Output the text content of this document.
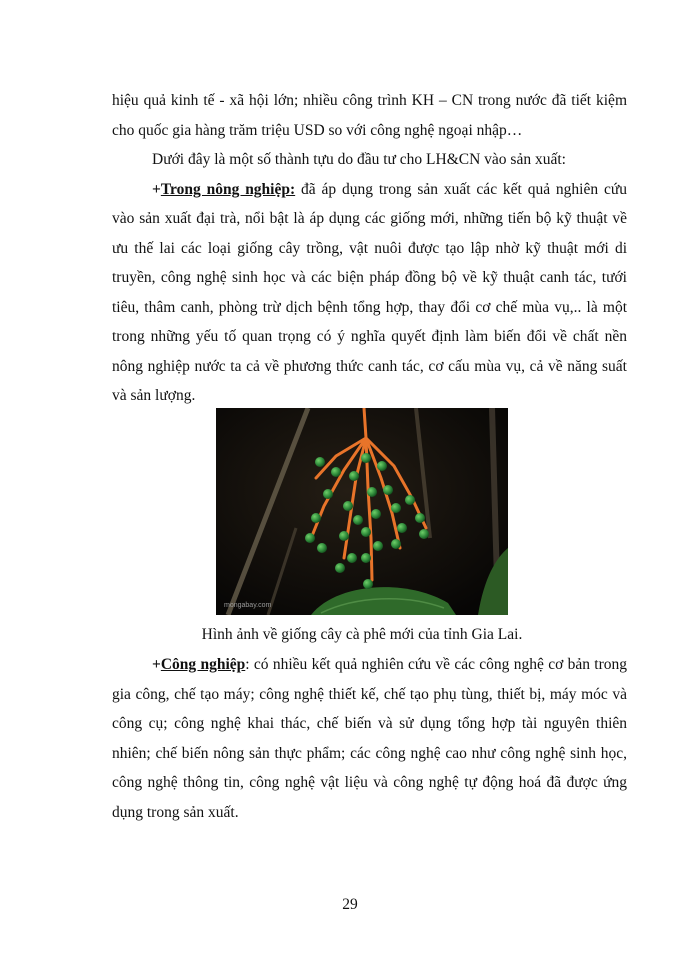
hiệu quả kinh tế - xã hội lớn; nhiều công trình KH – CN trong nước đã tiết kiệm cho quốc gia hàng trăm triệu USD so với công nghệ ngoại nhập…

Dưới đây là một số thành tựu do đầu tư cho LH&CN vào sản xuất:

+Trong nông nghiệp: đã áp dụng trong sản xuất các kết quả nghiên cứu vào sản xuất đại trà, nổi bật là áp dụng các giống mới, những tiến bộ kỹ thuật về ưu thế lai các loại giống cây trồng, vật nuôi được tạo lập nhờ kỹ thuật mới di truyền, công nghệ sinh học và các biện pháp đồng bộ về kỹ thuật canh tác, tưới tiêu, thâm canh, phòng trừ dịch bệnh tổng hợp, thay đổi cơ chế mùa vụ,.. là một trong những yếu tố quan trọng có ý nghĩa quyết định làm biến đổi về chất nền nông nghiệp nước ta cả về phương thức canh tác, cơ cấu mùa vụ, cả về năng suất và sản lượng.

mongabay.com
Hình ảnh về giống cây cà phê mới của tỉnh Gia Lai.

+Công nghiệp: có nhiều kết quả nghiên cứu về các công nghệ cơ bản trong gia công, chế tạo máy; công nghệ thiết kế, chế tạo phụ tùng, thiết bị, máy móc và công cụ; công nghệ khai thác, chế biến và sử dụng tổng hợp tài nguyên thiên nhiên; chế biến nông sản thực phẩm; các công nghệ cao như công nghệ sinh học, công nghệ thông tin, công nghệ vật liệu và công nghệ tự động hoá đã được ứng dụng trong sản xuất.

29
